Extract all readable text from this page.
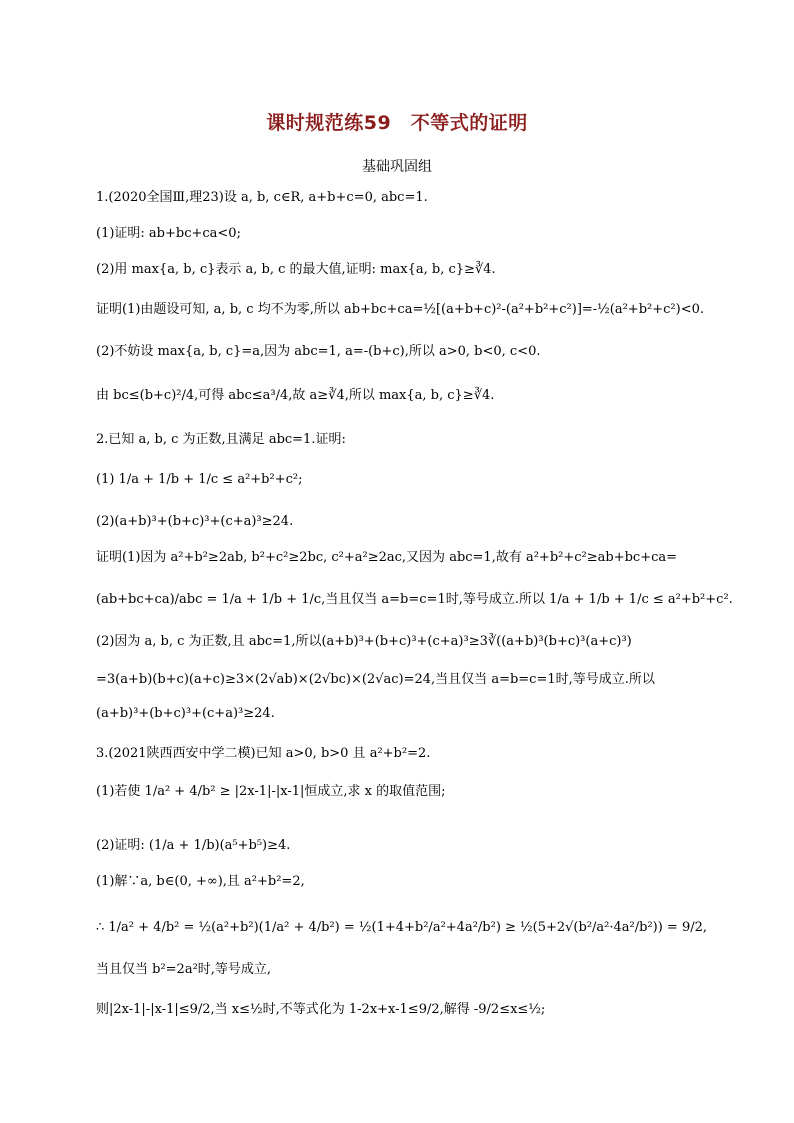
课时规范练59　不等式的证明
基础巩固组
1.(2020全国Ⅲ,理23)设 a, b, c∈R, a+b+c=0, abc=1.
(1)证明: ab+bc+ca<0;
(2)用 max{a, b, c}表示 a, b, c 的最大值,证明: max{a, b, c}≥∛4.
证明(1)由题设可知, a, b, c 均不为零,所以 ab+bc+ca=½[(a+b+c)²-(a²+b²+c²)]=-½(a²+b²+c²)<0.
(2)不妨设 max{a, b, c}=a,因为 abc=1, a=-(b+c),所以 a>0, b<0, c<0.
由 bc≤(b+c)²/4,可得 abc≤a³/4,故 a≥∛4,所以 max{a, b, c}≥∛4.
2.已知 a, b, c 为正数,且满足 abc=1.证明:
(1) 1/a + 1/b + 1/c ≤ a²+b²+c²;
(2)(a+b)³+(b+c)³+(c+a)³≥24.
证明(1)因为 a²+b²≥2ab, b²+c²≥2bc, c²+a²≥2ac,又因为 abc=1,故有 a²+b²+c²≥ab+bc+ca=
(ab+bc+ca)/abc = 1/a + 1/b + 1/c,当且仅当 a=b=c=1时,等号成立.所以 1/a + 1/b + 1/c ≤ a²+b²+c².
(2)因为 a, b, c 为正数,且 abc=1,所以(a+b)³+(b+c)³+(c+a)³≥3∛((a+b)³(b+c)³(a+c)³)
=3(a+b)(b+c)(a+c)≥3×(2√ab)×(2√bc)×(2√ac)=24,当且仅当 a=b=c=1时,等号成立.所以
(a+b)³+(b+c)³+(c+a)³≥24.
3.(2021陕西西安中学二模)已知 a>0, b>0 且 a²+b²=2.
(1)若使 1/a² + 4/b² ≥ |2x-1|-|x-1|恒成立,求 x 的取值范围;
(2)证明: (1/a + 1/b)(a⁵+b⁵)≥4.
(1)解∵a, b∈(0, +∞),且 a²+b²=2,
∴ 1/a² + 4/b² = ½(a²+b²)(1/a² + 4/b²) = ½(1+4+b²/a²+4a²/b²) ≥ ½(5+2√(b²/a²·4a²/b²)) = 9/2,
当且仅当 b²=2a²时,等号成立,
则|2x-1|-|x-1|≤9/2,当 x≤½时,不等式化为 1-2x+x-1≤9/2,解得 -9/2≤x≤½;
